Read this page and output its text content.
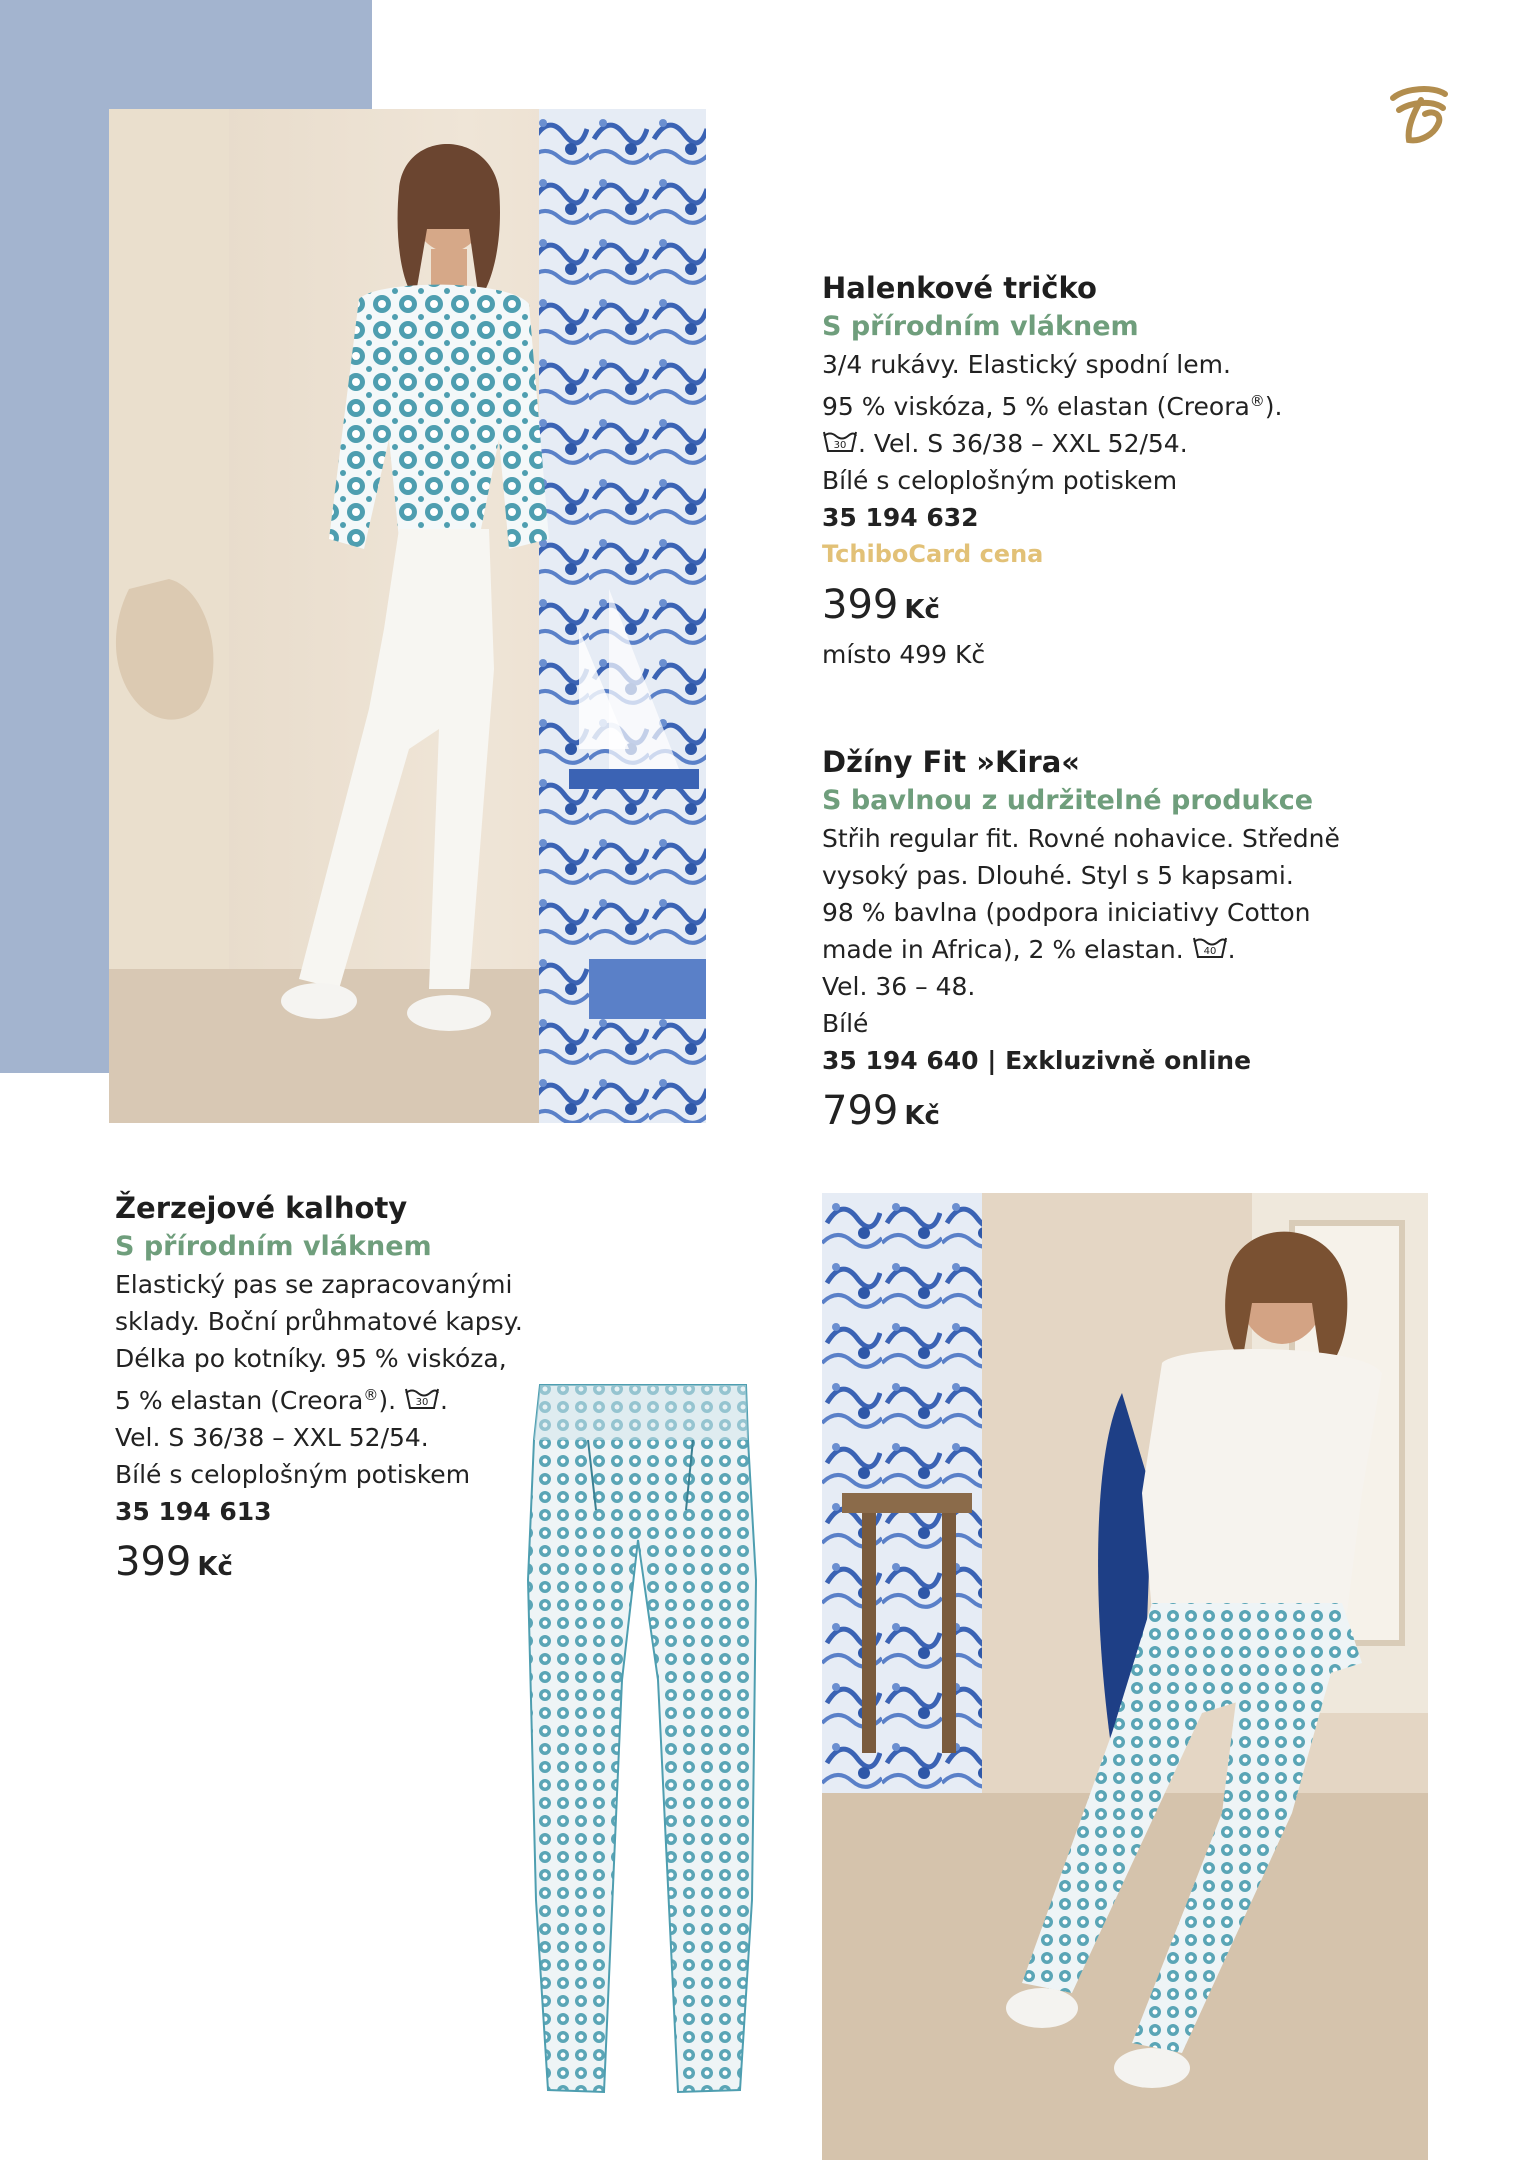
Halenkové tričko
S přírodním vláknem
3/4 rukávy. Elastický spodní lem.
95 % viskóza, 5 % elastan (Creora®).
30 . Vel. S 36/38 – XXL 52/54.
Bílé s celoplošným potiskem
35 194 632
TchiboCard cena
399 Kč
místo 499 Kč
Džíny Fit »Kira«
S bavlnou z udržitelné produkce
Střih regular fit. Rovné nohavice. Středně
vysoký pas. Dlouhé. Styl s 5 kapsami.
98 % bavlna (podpora iniciativy Cotton
made in Africa), 2 % elastan. 40 .
Vel. 36 – 48.
Bílé
35 194 640 | Exkluzivně online
799 Kč
Žerzejové kalhoty
S přírodním vláknem
Elastický pas se zapracovanými
sklady. Boční průhmatové kapsy.
Délka po kotníky. 95 % viskóza,
5 % elastan (Creora®). 30 .
Vel. S 36/38 – XXL 52/54.
Bílé s celoplošným potiskem
35 194 613
399 Kč
